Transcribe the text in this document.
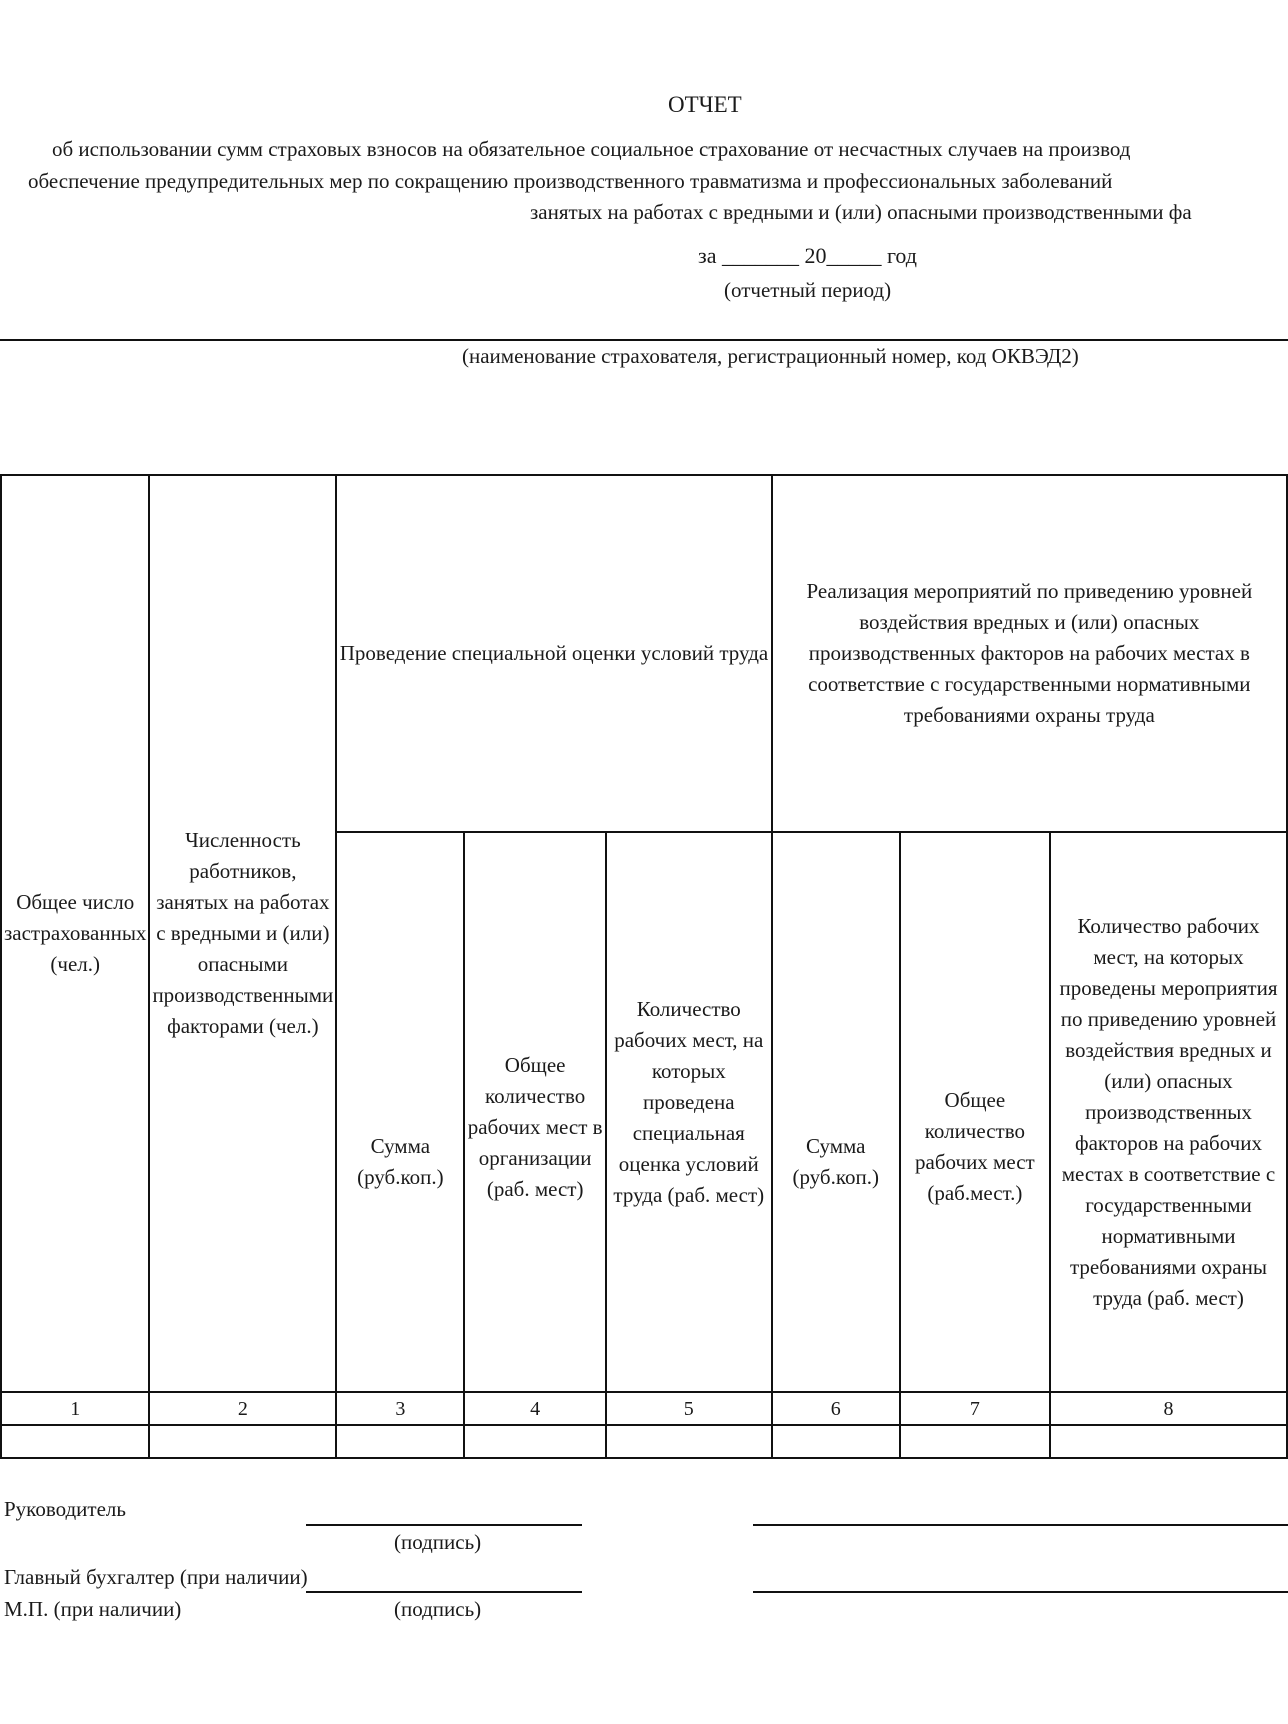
ОТЧЕТ
об использовании сумм страховых взносов на обязательное социальное страхование от несчастных случаев на производ
обеспечение предупредительных мер по сокращению производственного травматизма и профессиональных заболеваний
занятых на работах с вредными и (или) опасными производственными фа
за _______ 20_____ год
(отчетный период)
(наименование страхователя, регистрационный номер, код ОКВЭД2)
Общее число застрахованных (чел.)	Численность работников, занятых на работах с вредными и (или) опасными производственными факторами (чел.)	Проведение специальной оценки условий труда			Реализация мероприятий по приведению уровней воздействия вредных и (или) опасных производственных факторов на рабочих местах в соответствие с государственными нормативными требованиями охраны труда		
		Сумма (руб.коп.)	Общее количество рабочих мест в организации (раб. мест)	Количество рабочих мест, на которых проведена специальная оценка условий труда (раб. мест)	Сумма (руб.коп.)	Общее количество рабочих мест (раб.мест.)	Количество рабочих мест, на которых проведены мероприятия по приведению уровней воздействия вредных и (или) опасных производственных факторов на рабочих местах в соответствие с государственными нормативными требованиями охраны труда (раб. мест)
1	2	3	4	5	6	7	8

Руководитель
(подпись)
Главный бухгалтер (при наличии)
М.П. (при наличии)	(подпись)
